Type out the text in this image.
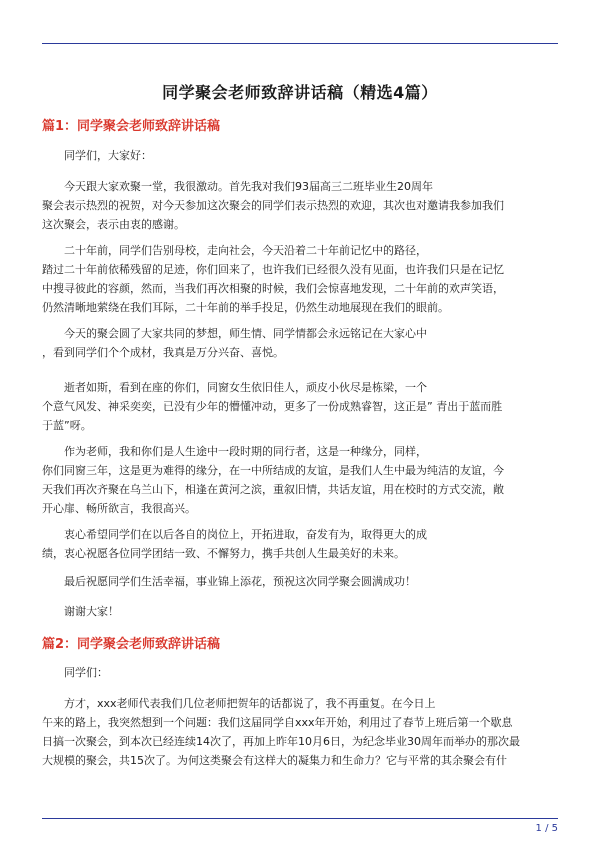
同学聚会老师致辞讲话稿（精选4篇）
篇1：同学聚会老师致辞讲话稿
同学们，大家好：
今天跟大家欢聚一堂，我很激动。首先我对我们93届高三二班毕业生20周年
聚会表示热烈的祝贺，对今天参加这次聚会的同学们表示热烈的欢迎，其次也对邀请我参加我们
这次聚会，表示由衷的感谢。
二十年前，同学们告别母校，走向社会，今天沿着二十年前记忆中的路径，
踏过二十年前依稀残留的足迹，你们回来了，也许我们已经很久没有见面，也许我们只是在记忆
中搜寻彼此的容颜，然而，当我们再次相聚的时候，我们会惊喜地发现，二十年前的欢声笑语，
仍然清晰地萦绕在我们耳际，二十年前的举手投足，仍然生动地展现在我们的眼前。
今天的聚会圆了大家共同的梦想，师生情、同学情都会永远铭记在大家心中
，看到同学们个个成材，我真是万分兴奋、喜悦。
逝者如斯，看到在座的你们，同窗女生依旧佳人，顽皮小伙尽是栋梁，一个
个意气风发、神采奕奕，已没有少年的懵懂冲动，更多了一份成熟睿智，这正是” 青出于蓝而胜
于蓝”呀。
作为老师，我和你们是人生途中一段时期的同行者，这是一种缘分，同样，
你们同窗三年，这是更为难得的缘分，在一中所结成的友谊，是我们人生中最为纯洁的友谊，今
天我们再次齐聚在乌兰山下，相逢在黄河之滨，重叙旧情，共话友谊，用在校时的方式交流，敞
开心扉、畅所欲言，我很高兴。
衷心希望同学们在以后各自的岗位上，开拓进取，奋发有为，取得更大的成
绩，衷心祝愿各位同学团结一致、不懈努力，携手共创人生最美好的未来。
最后祝愿同学们生活幸福，事业锦上添花，预祝这次同学聚会圆满成功！
谢谢大家！
篇2：同学聚会老师致辞讲话稿
同学们：
方才，xxx老师代表我们几位老师把贺年的话都说了，我不再重复。在今日上
午来的路上，我突然想到一个问题：我们这届同学自xxx年开始，利用过了春节上班后第一个歇息
日搞一次聚会，到本次已经连续14次了，再加上昨年10月6日，为纪念毕业30周年而举办的那次最
大规模的聚会，共15次了。为何这类聚会有这样大的凝集力和生命力？它与平常的其余聚会有什
1 / 5
